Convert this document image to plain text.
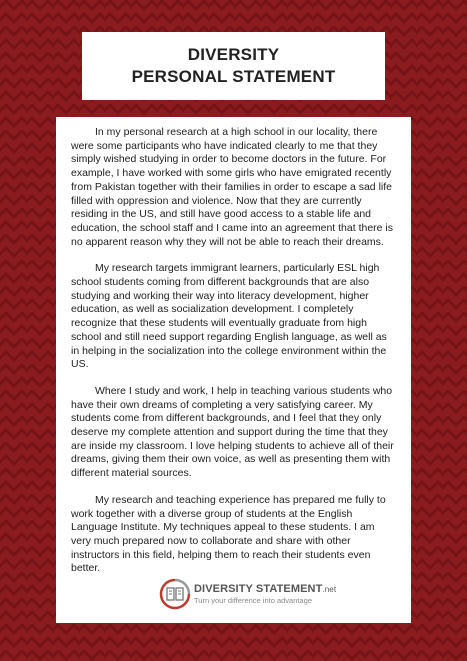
DIVERSITY
PERSONAL STATEMENT

In my personal research at a high school in our locality, there were some participants who have indicated clearly to me that they simply wished studying in order to become doctors in the future. For example, I have worked with some girls who have emigrated recently from Pakistan together with their families in order to escape a sad life filled with oppression and violence. Now that they are currently residing in the US, and still have good access to a stable life and education, the school staff and I came into an agreement that there is no apparent reason why they will not be able to reach their dreams.

My research targets immigrant learners, particularly ESL high school students coming from different backgrounds that are also studying and working their way into literacy development, higher education, as well as socialization development. I completely recognize that these students will eventually graduate from high school and still need support regarding English language, as well as in helping in the socialization into the college environment within the US.

Where I study and work, I help in teaching various students who have their own dreams of completing a very satisfying career. My students come from different backgrounds, and I feel that they only deserve my complete attention and support during the time that they are inside my classroom. I love helping students to achieve all of their dreams, giving them their own voice, as well as presenting them with different material sources.

My research and teaching experience has prepared me fully to work together with a diverse group of students at the English Language Institute. My techniques appeal to these students. I am very much prepared now to collaborate and share with other instructors in this field, helping them to reach their students even better.

DIVERSITY STATEMENT.net
Turn your difference into advantage
